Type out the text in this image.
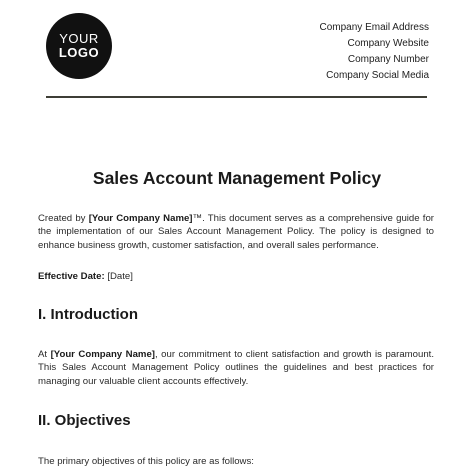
YOUR
LOGO
Company Email Address
Company Website
Company Number
Company Social Media
Sales Account Management Policy
Created by [Your Company Name]™. This document serves as a comprehensive guide for the implementation of our Sales Account Management Policy. The policy is designed to enhance business growth, customer satisfaction, and overall sales performance.
Effective Date: [Date]
I. Introduction
At [Your Company Name], our commitment to client satisfaction and growth is paramount. This Sales Account Management Policy outlines the guidelines and best practices for managing our valuable client accounts effectively.
II. Objectives
The primary objectives of this policy are as follows:
